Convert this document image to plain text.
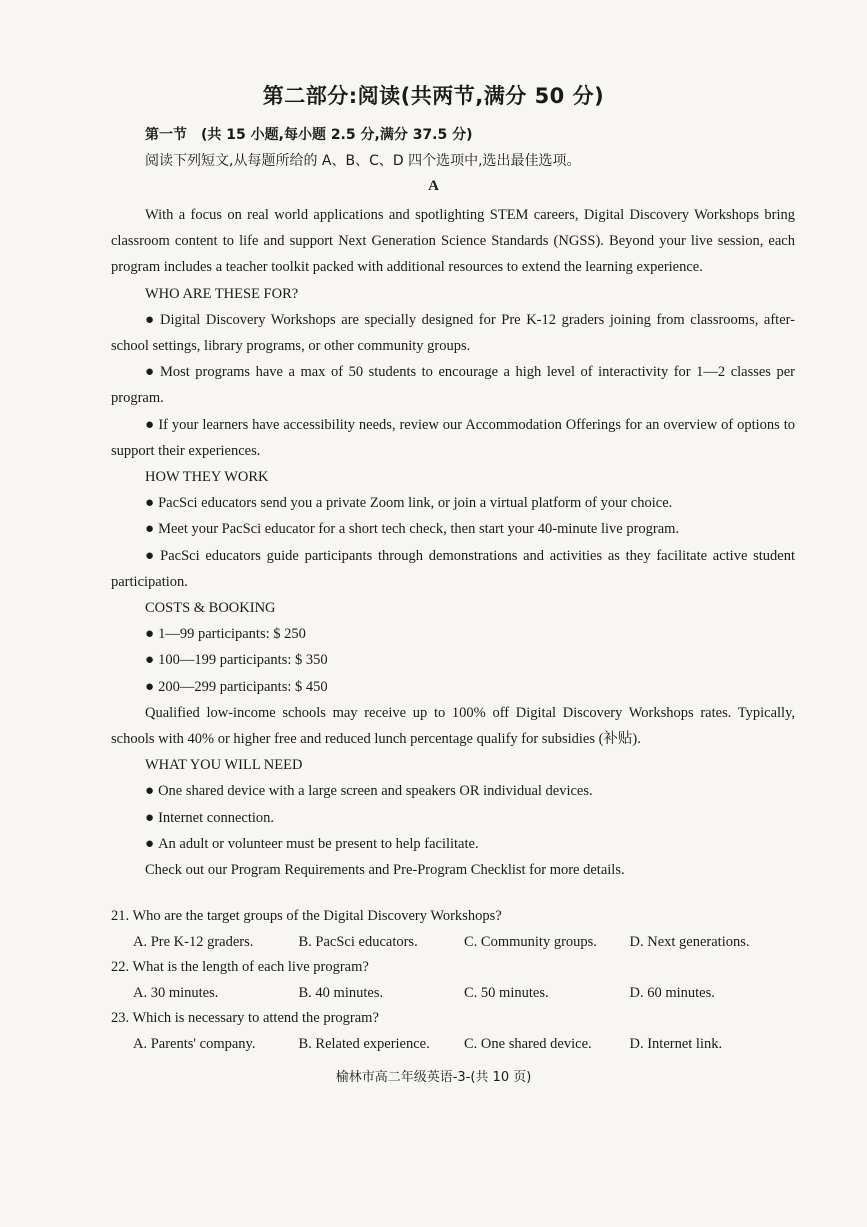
第二部分:阅读(共两节,满分 50 分)
第一节　(共 15 小题,每小题 2.5 分,满分 37.5 分)
阅读下列短文,从每题所给的 A、B、C、D 四个选项中,选出最佳选项。
A

With a focus on real world applications and spotlighting STEM careers, Digital Discovery Workshops bring classroom content to life and support Next Generation Science Standards (NGSS). Beyond your live session, each program includes a teacher toolkit packed with additional resources to extend the learning experience.

WHO ARE THESE FOR?

● Digital Discovery Workshops are specially designed for Pre K-12 graders joining from classrooms, after-school settings, library programs, or other community groups.

● Most programs have a max of 50 students to encourage a high level of interactivity for 1—2 classes per program.

● If your learners have accessibility needs, review our Accommodation Offerings for an overview of options to support their experiences.

HOW THEY WORK

● PacSci educators send you a private Zoom link, or join a virtual platform of your choice.

● Meet your PacSci educator for a short tech check, then start your 40-minute live program.

● PacSci educators guide participants through demonstrations and activities as they facilitate active student participation.

COSTS & BOOKING

● 1—99 participants: $ 250

● 100—199 participants: $ 350

● 200—299 participants: $ 450

Qualified low-income schools may receive up to 100% off Digital Discovery Workshops rates. Typically, schools with 40% or higher free and reduced lunch percentage qualify for subsidies (补贴).

WHAT YOU WILL NEED

● One shared device with a large screen and speakers OR individual devices.

● Internet connection.

● An adult or volunteer must be present to help facilitate.

Check out our Program Requirements and Pre-Program Checklist for more details.

21. Who are the target groups of the Digital Discovery Workshops?

A. Pre K-12 graders.	B. PacSci educators.	C. Community groups.	D. Next generations.

22. What is the length of each live program?

A. 30 minutes.	B. 40 minutes.	C. 50 minutes.	D. 60 minutes.

23. Which is necessary to attend the program?

A. Parents' company.	B. Related experience.	C. One shared device.	D. Internet link.

榆林市高二年级英语-3-(共 10 页)
